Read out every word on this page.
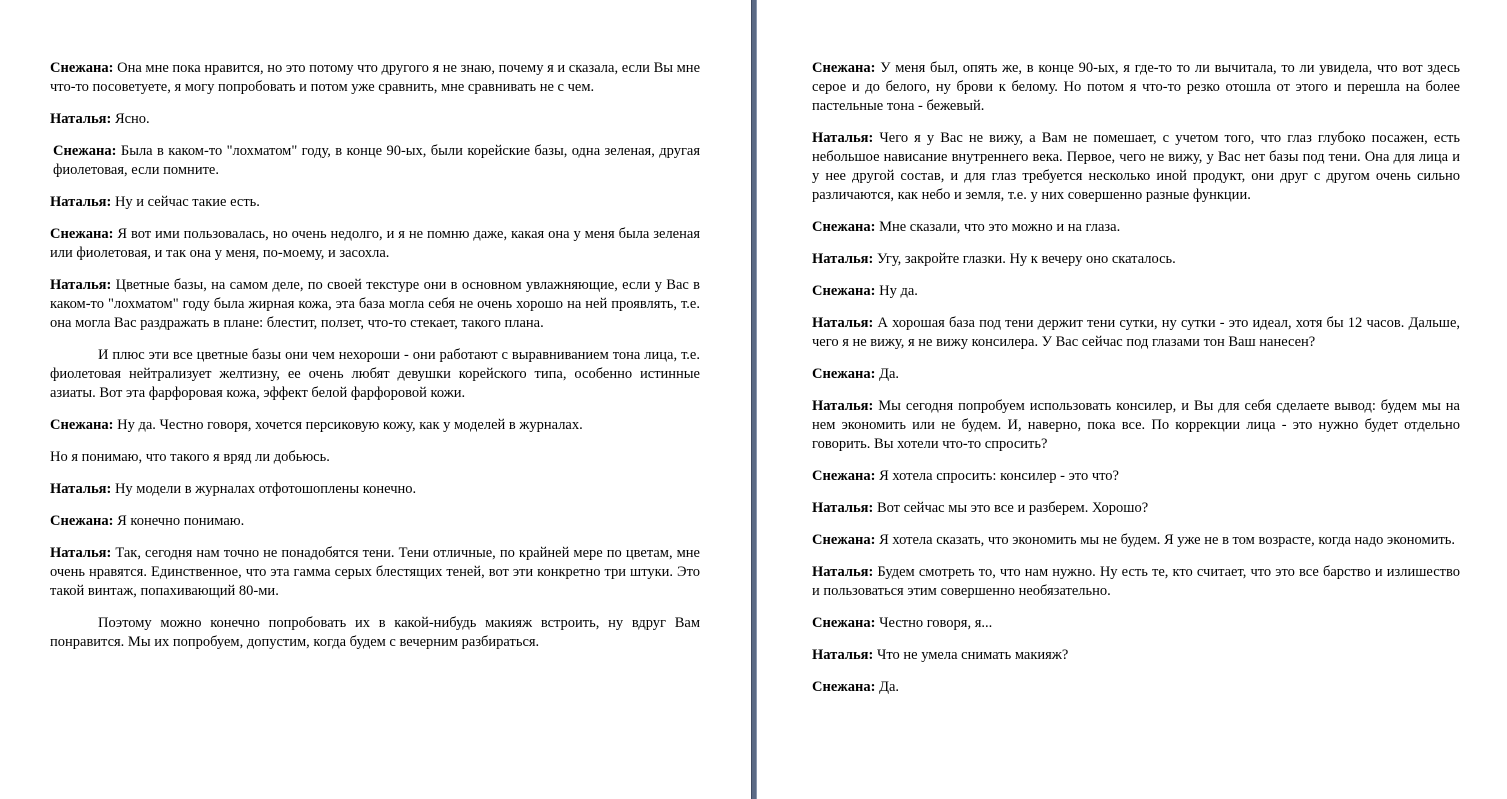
Снежана: Она мне пока нравится, но это потому что другого я не знаю, почему я и сказала, если Вы мне что-то посоветуете, я могу попробовать и потом уже сравнить, мне сравнивать не с чем.

Наталья: Ясно.

Снежана: Была в каком-то "лохматом" году, в конце 90-ых, были корейские базы, одна зеленая, другая фиолетовая, если помните.

Наталья: Ну и сейчас такие есть.

Снежана: Я вот ими пользовалась, но очень недолго, и я не помню даже, какая она у меня была зеленая или фиолетовая, и так она у меня, по-моему, и засохла.

Наталья: Цветные базы, на самом деле, по своей текстуре они в основном увлажняющие, если у Вас в каком-то "лохматом" году была жирная кожа, эта база могла себя не очень хорошо на ней проявлять, т.е. она могла Вас раздражать в плане: блестит, ползет, что-то стекает, такого плана.

И плюс эти все цветные базы они чем нехороши - они работают с выравниванием тона лица, т.е. фиолетовая нейтрализует желтизну, ее очень любят девушки корейского типа, особенно истинные азиаты. Вот эта фарфоровая кожа, эффект белой фарфоровой кожи.

Снежана: Ну да. Честно говоря, хочется персиковую кожу, как у моделей в журналах.

Но я понимаю, что такого я вряд ли добьюсь.

Наталья: Ну модели в журналах отфотошоплены конечно.

Снежана: Я конечно понимаю.

Наталья: Так, сегодня нам точно не понадобятся тени. Тени отличные, по крайней мере по цветам, мне очень нравятся. Единственное, что эта гамма серых блестящих теней, вот эти конкретно три штуки. Это такой винтаж, попахивающий 80-ми.

Поэтому можно конечно попробовать их в какой-нибудь макияж встроить, ну вдруг Вам понравится. Мы их попробуем, допустим, когда будем с вечерним разбираться.

Снежана: У меня был, опять же, в конце 90-ых, я где-то то ли вычитала, то ли увидела, что вот здесь серое и до белого, ну брови к белому. Но потом я что-то резко отошла от этого и перешла на более пастельные тона - бежевый.

Наталья: Чего я у Вас не вижу, а Вам не помешает, с учетом того, что глаз глубоко посажен, есть небольшое нависание внутреннего века. Первое, чего не вижу, у Вас нет базы под тени. Она для лица и у нее другой состав, и для глаз требуется несколько иной продукт, они друг с другом очень сильно различаются, как небо и земля, т.е. у них совершенно разные функции.

Снежана: Мне сказали, что это можно и на глаза.

Наталья: Угу, закройте глазки. Ну к вечеру оно скаталось.

Снежана: Ну да.

Наталья: А хорошая база под тени держит тени сутки, ну сутки - это идеал, хотя бы 12 часов. Дальше, чего я не вижу, я не вижу консилера. У Вас сейчас под глазами тон Ваш нанесен?

Снежана: Да.

Наталья: Мы сегодня попробуем использовать консилер, и Вы для себя сделаете вывод: будем мы на нем экономить или не будем. И, наверно, пока все. По коррекции лица - это нужно будет отдельно говорить. Вы хотели что-то спросить?

Снежана: Я хотела спросить: консилер - это что?

Наталья: Вот сейчас мы это все и разберем. Хорошо?

Снежана: Я хотела сказать, что экономить мы не будем. Я уже не в том возрасте, когда надо экономить.

Наталья: Будем смотреть то, что нам нужно. Ну есть те, кто считает, что это все барство и излишество и пользоваться этим совершенно необязательно.

Снежана: Честно говоря, я...

Наталья: Что не умела снимать макияж?

Снежана: Да.
